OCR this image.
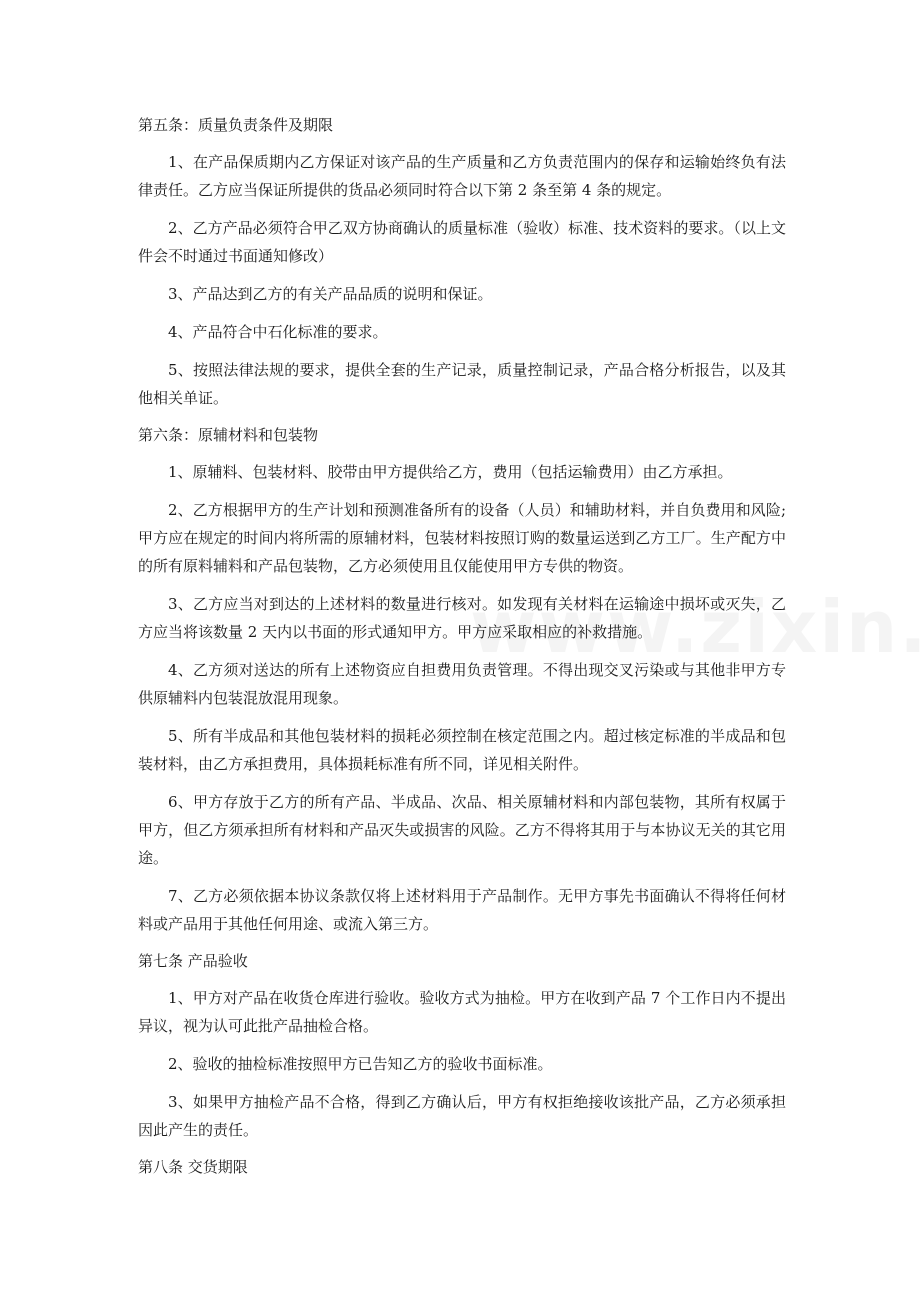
第五条：质量负责条件及期限

1、在产品保质期内乙方保证对该产品的生产质量和乙方负责范围内的保存和运输始终负有法律责任。乙方应当保证所提供的货品必须同时符合以下第 2 条至第 4 条的规定。

2、乙方产品必须符合甲乙双方协商确认的质量标准（验收）标准、技术资料的要求。（以上文件会不时通过书面通知修改）

3、产品达到乙方的有关产品品质的说明和保证。

4、产品符合中石化标准的要求。

5、按照法律法规的要求，提供全套的生产记录，质量控制记录，产品合格分析报告，以及其他相关单证。

第六条：原辅材料和包装物

1、原辅料、包装材料、胶带由甲方提供给乙方，费用（包括运输费用）由乙方承担。

2、乙方根据甲方的生产计划和预测准备所有的设备（人员）和辅助材料，并自负费用和风险; 甲方应在规定的时间内将所需的原辅材料，包装材料按照订购的数量运送到乙方工厂。生产配方中的所有原料辅料和产品包装物，乙方必须使用且仅能使用甲方专供的物资。

3、乙方应当对到达的上述材料的数量进行核对。如发现有关材料在运输途中损坏或灭失，乙方应当将该数量 2 天内以书面的形式通知甲方。甲方应采取相应的补救措施。

4、乙方须对送达的所有上述物资应自担费用负责管理。不得出现交叉污染或与其他非甲方专供原辅料内包装混放混用现象。

5、所有半成品和其他包装材料的损耗必须控制在核定范围之内。超过核定标准的半成品和包装材料，由乙方承担费用，具体损耗标准有所不同，详见相关附件。

6、甲方存放于乙方的所有产品、半成品、次品、相关原辅材料和内部包装物，其所有权属于甲方，但乙方须承担所有材料和产品灭失或损害的风险。乙方不得将其用于与本协议无关的其它用途。

7、乙方必须依据本协议条款仅将上述材料用于产品制作。无甲方事先书面确认不得将任何材料或产品用于其他任何用途、或流入第三方。

第七条 产品验收

1、甲方对产品在收货仓库进行验收。验收方式为抽检。甲方在收到产品 7 个工作日内不提出异议，视为认可此批产品抽检合格。

2、验收的抽检标准按照甲方已告知乙方的验收书面标准。

3、如果甲方抽检产品不合格，得到乙方确认后，甲方有权拒绝接收该批产品，乙方必须承担因此产生的责任。

第八条 交货期限
